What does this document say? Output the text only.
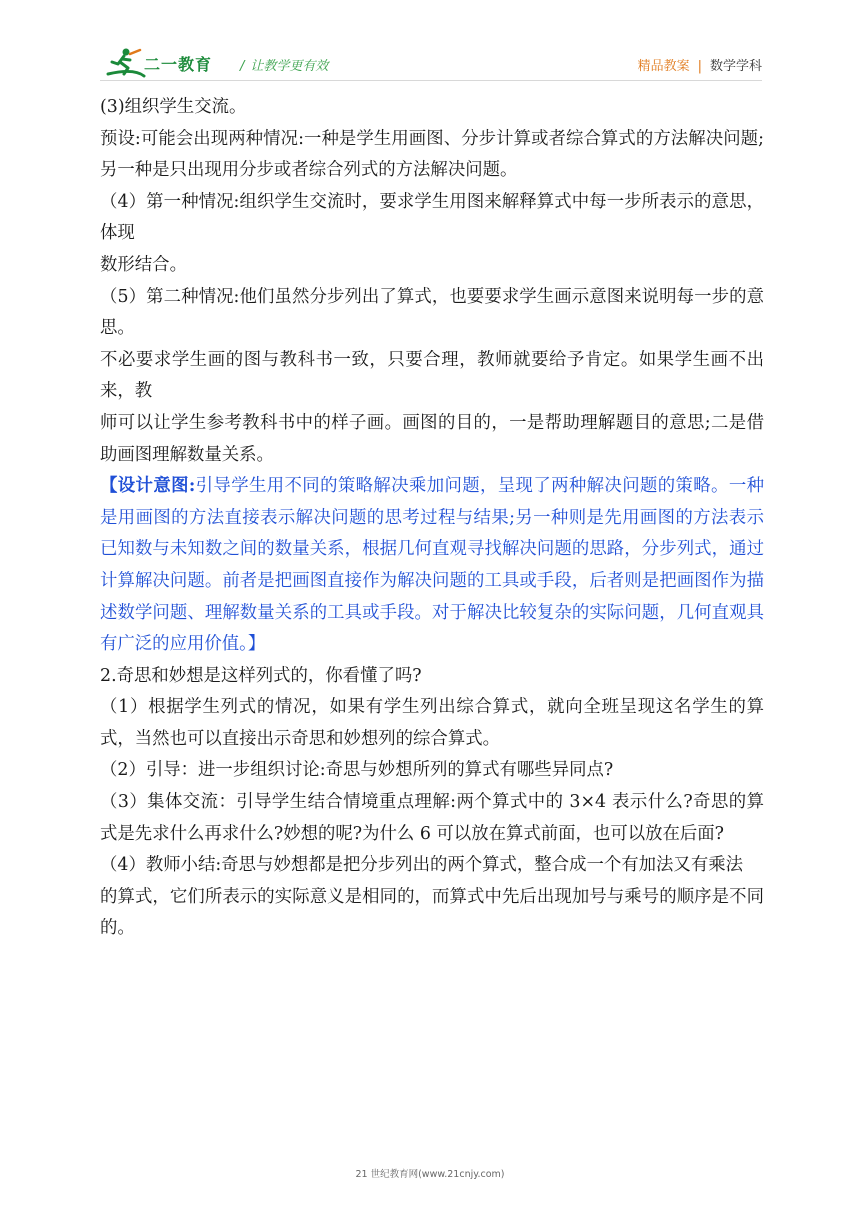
二一教育 / 让教学更有效	精品教案 | 数学学科

(3)组织学生交流。

预设:可能会出现两种情况:一种是学生用画图、分步计算或者综合算式的方法解决问题;另一种是只出现用分步或者综合列式的方法解决问题。

（4）第一种情况:组织学生交流时，要求学生用图来解释算式中每一步所表示的意思，体现

数形结合。

（5）第二种情况:他们虽然分步列出了算式，也要要求学生画示意图来说明每一步的意思。

不必要求学生画的图与教科书一致，只要合理，教师就要给予肯定。如果学生画不出来，教

师可以让学生参考教科书中的样子画。画图的目的，一是帮助理解题目的意思;二是借助画图理解数量关系。

【设计意图:引导学生用不同的策略解决乘加问题，呈现了两种解决问题的策略。一种是用画图的方法直接表示解决问题的思考过程与结果;另一种则是先用画图的方法表示已知数与未知数之间的数量关系，根据几何直观寻找解决问题的思路，分步列式，通过计算解决问题。前者是把画图直接作为解决问题的工具或手段，后者则是把画图作为描述数学问题、理解数量关系的工具或手段。对于解决比较复杂的实际问题，几何直观具有广泛的应用价值。】

2.奇思和妙想是这样列式的，你看懂了吗?

（1）根据学生列式的情况，如果有学生列出综合算式，就向全班呈现这名学生的算式，当然也可以直接出示奇思和妙想列的综合算式。

（2）引导：进一步组织讨论:奇思与妙想所列的算式有哪些异同点?

（3）集体交流：引导学生结合情境重点理解:两个算式中的 3×4 表示什么?奇思的算式是先求什么再求什么?妙想的呢?为什么 6 可以放在算式前面，也可以放在后面?

（4）教师小结:奇思与妙想都是把分步列出的两个算式，整合成一个有加法又有乘法

的算式，它们所表示的实际意义是相同的，而算式中先后出现加号与乘号的顺序是不同的。

21 世纪教育网(www.21cnjy.com)
